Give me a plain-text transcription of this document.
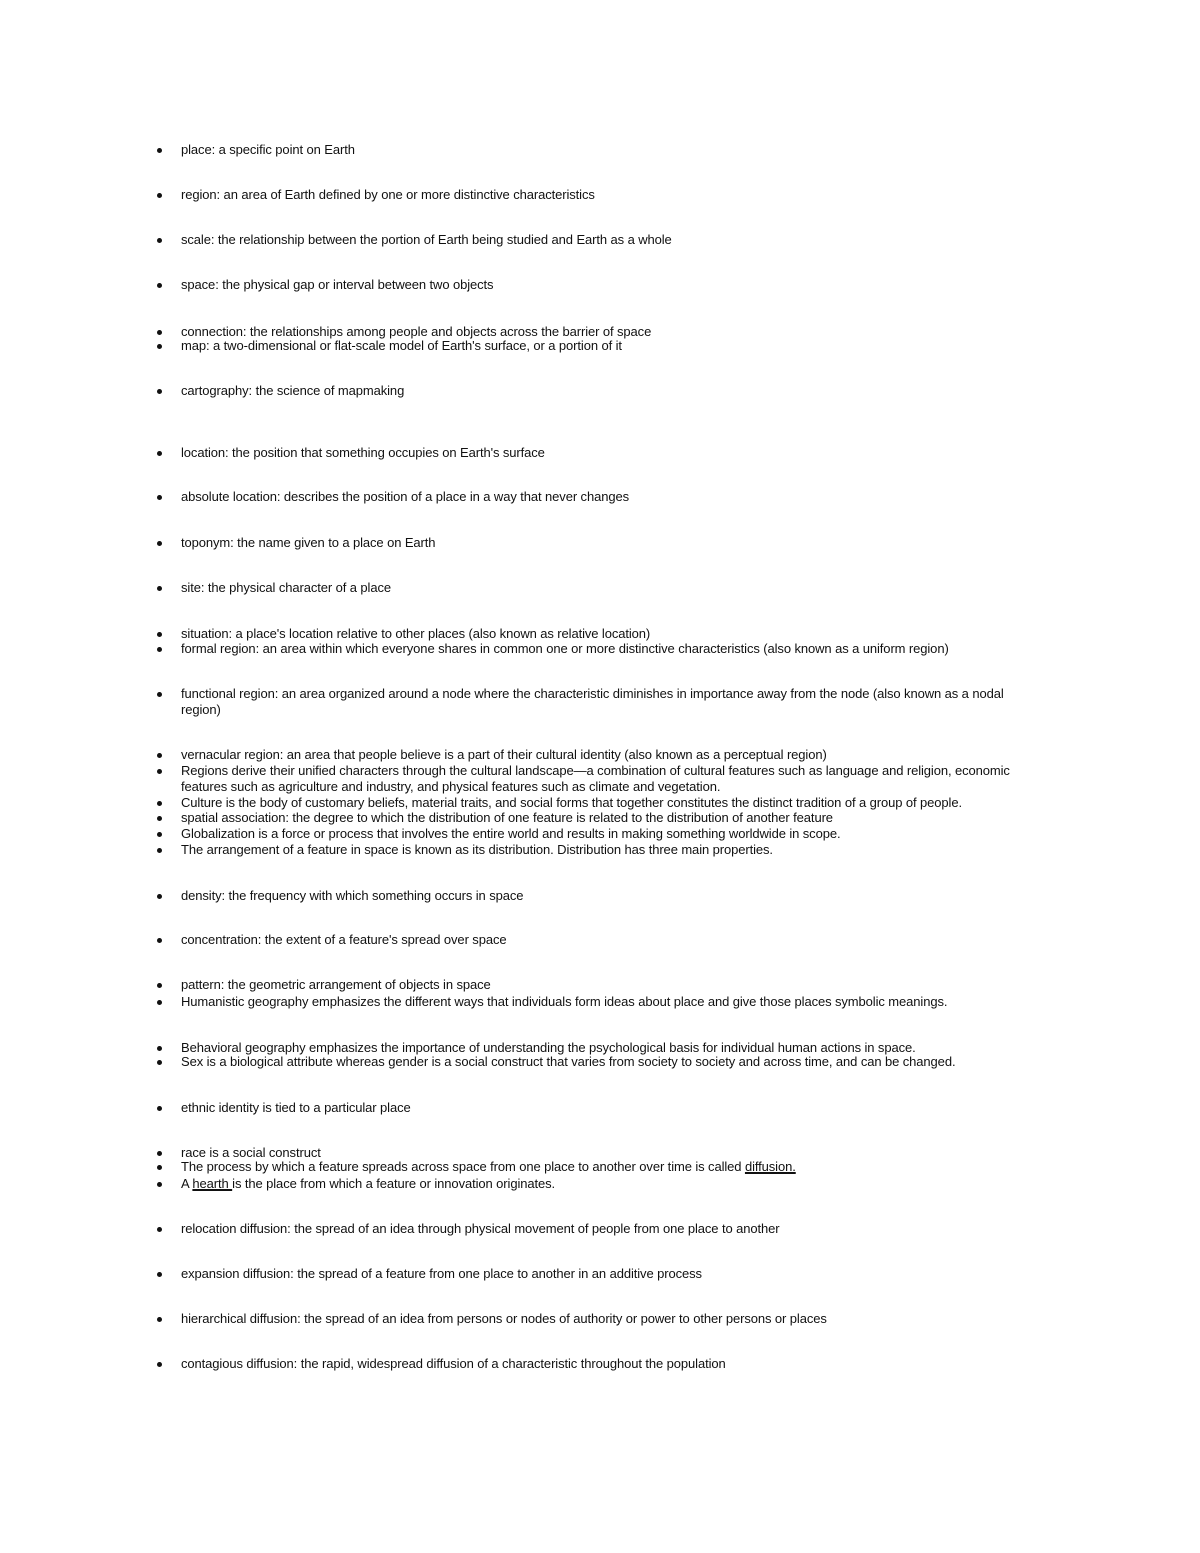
place: a specific point on Earth
region: an area of Earth defined by one or more distinctive characteristics
scale: the relationship between the portion of Earth being studied and Earth as a whole
space: the physical gap or interval between two objects
connection: the relationships among people and objects across the barrier of space
map: a two-dimensional or flat-scale model of Earth's surface, or a portion of it
cartography: the science of mapmaking
location: the position that something occupies on Earth's surface
absolute location: describes the position of a place in a way that never changes
toponym: the name given to a place on Earth
site: the physical character of a place
situation: a place's location relative to other places (also known as relative location)
formal region: an area within which everyone shares in common one or more distinctive characteristics (also known as a uniform region)
functional region: an area organized around a node where the characteristic diminishes in importance away from the node (also known as a nodal region)
vernacular region: an area that people believe is a part of their cultural identity (also known as a perceptual region)
Regions derive their unified characters through the cultural landscape—a combination of cultural features such as language and religion, economic features such as agriculture and industry, and physical features such as climate and vegetation.
Culture is the body of customary beliefs, material traits, and social forms that together constitutes the distinct tradition of a group of people.
spatial association: the degree to which the distribution of one feature is related to the distribution of another feature
Globalization is a force or process that involves the entire world and results in making something worldwide in scope.
The arrangement of a feature in space is known as its distribution. Distribution has three main properties.
density: the frequency with which something occurs in space
concentration: the extent of a feature's spread over space
pattern: the geometric arrangement of objects in space
Humanistic geography emphasizes the different ways that individuals form ideas about place and give those places symbolic meanings.
Behavioral geography emphasizes the importance of understanding the psychological basis for individual human actions in space.
Sex is a biological attribute whereas gender is a social construct that varies from society to society and across time, and can be changed.
ethnic identity is tied to a particular place
race is a social construct
The process by which a feature spreads across space from one place to another over time is called diffusion.
A hearth is the place from which a feature or innovation originates.
relocation diffusion: the spread of an idea through physical movement of people from one place to another
expansion diffusion: the spread of a feature from one place to another in an additive process
hierarchical diffusion: the spread of an idea from persons or nodes of authority or power to other persons or places
contagious diffusion: the rapid, widespread diffusion of a characteristic throughout the population
